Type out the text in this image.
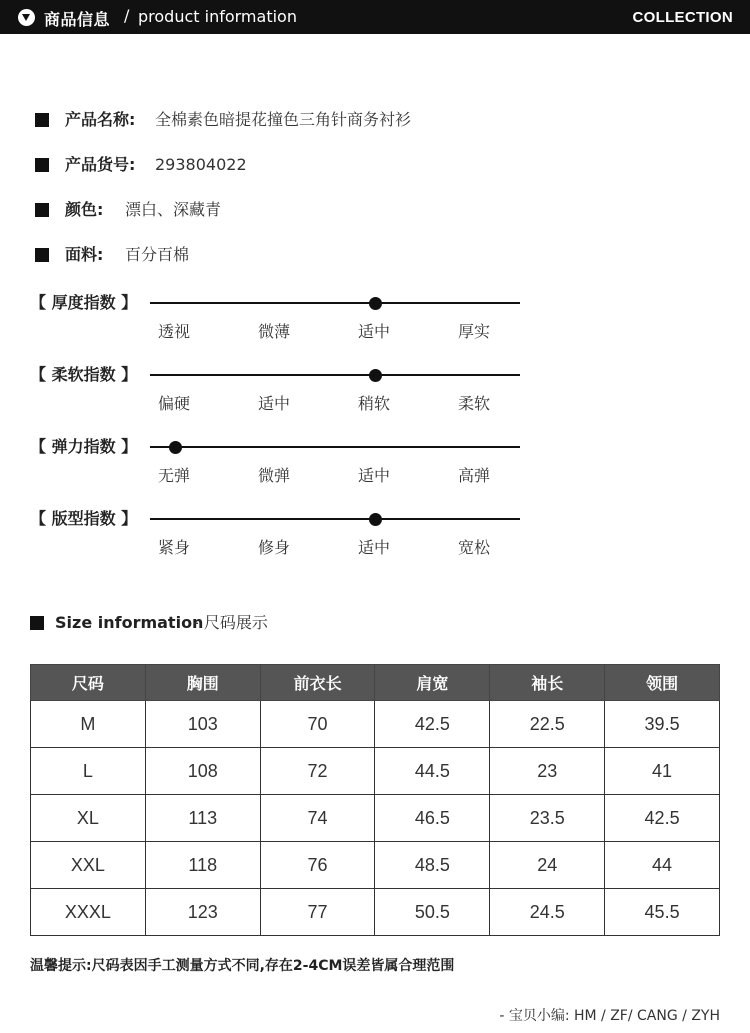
商品信息 / product information	COLLECTION
产品名称: 全棉素色暗提花撞色三角针商务衬衫
产品货号: 293804022
颜色: 漂白、深藏青
面料: 百分百棉
【 厚度指数 】
透视	微薄	适中	厚实
【 柔软指数 】
偏硬	适中	稍软	柔软
【 弹力指数 】
无弹	微弹	适中	高弹
【 版型指数 】
紧身	修身	适中	宽松
Size information
- 尺码展示
尺码	胸围	前衣长	肩宽	袖长	领围
M	103	70	42.5	22.5	39.5
L	108	72	44.5	23	41
XL	113	74	46.5	23.5	42.5
XXL	118	76	48.5	24	44
XXXL	123	77	50.5	24.5	45.5
温馨提示:尺码表因手工测量方式不同,存在2-4CM误差皆属合理范围
- 宝贝小编: HM / ZF/ CANG / ZYH
